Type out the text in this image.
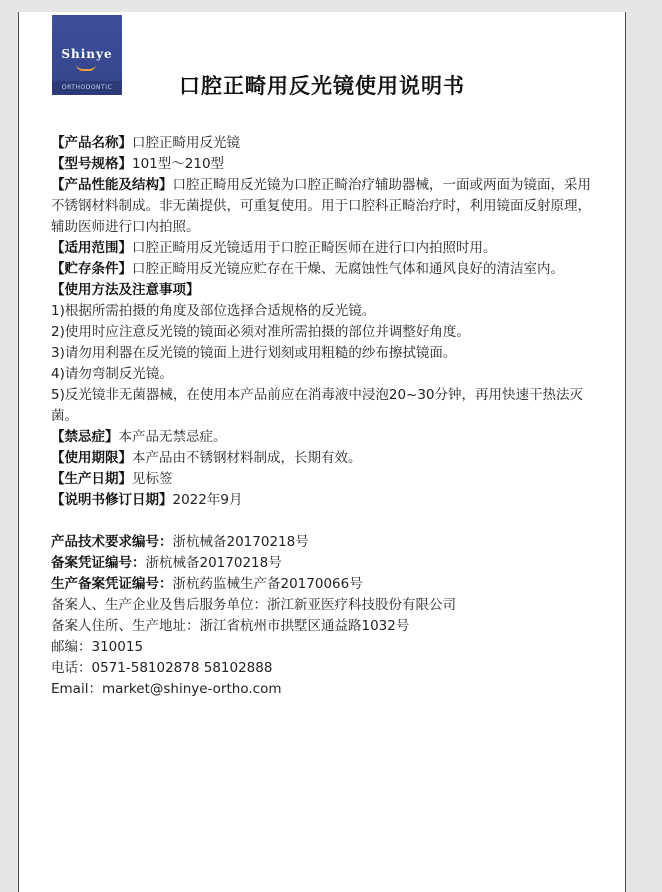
Shinye
ORTHODONTIC	口腔正畸用反光镜使用说明书

【产品名称】口腔正畸用反光镜

【型号规格】101型～210型

【产品性能及结构】口腔正畸用反光镜为口腔正畸治疗辅助器械，一面或两面为镜面，采用不锈钢材料制成。非无菌提供，可重复使用。用于口腔科正畸治疗时，利用镜面反射原理，辅助医师进行口内拍照。

【适用范围】口腔正畸用反光镜适用于口腔正畸医师在进行口内拍照时用。

【贮存条件】口腔正畸用反光镜应贮存在干燥、无腐蚀性气体和通风良好的清洁室内。

【使用方法及注意事项】

1)根据所需拍摄的角度及部位选择合适规格的反光镜。

2)使用时应注意反光镜的镜面必须对准所需拍摄的部位并调整好角度。

3)请勿用利器在反光镜的镜面上进行划刻或用粗糙的纱布擦拭镜面。

4)请勿弯制反光镜。

5)反光镜非无菌器械，在使用本产品前应在消毒液中浸泡20~30分钟，再用快速干热法灭菌。

【禁忌症】本产品无禁忌症。

【使用期限】本产品由不锈钢材料制成，长期有效。

【生产日期】见标签

【说明书修订日期】2022年9月

产品技术要求编号：浙杭械备20170218号

备案凭证编号：浙杭械备20170218号

生产备案凭证编号：浙杭药监械生产备20170066号

备案人、生产企业及售后服务单位：浙江新亚医疗科技股份有限公司

备案人住所、生产地址：浙江省杭州市拱墅区通益路1032号

邮编：310015

电话：0571-58102878 58102888

Email：market@shinye-ortho.com
